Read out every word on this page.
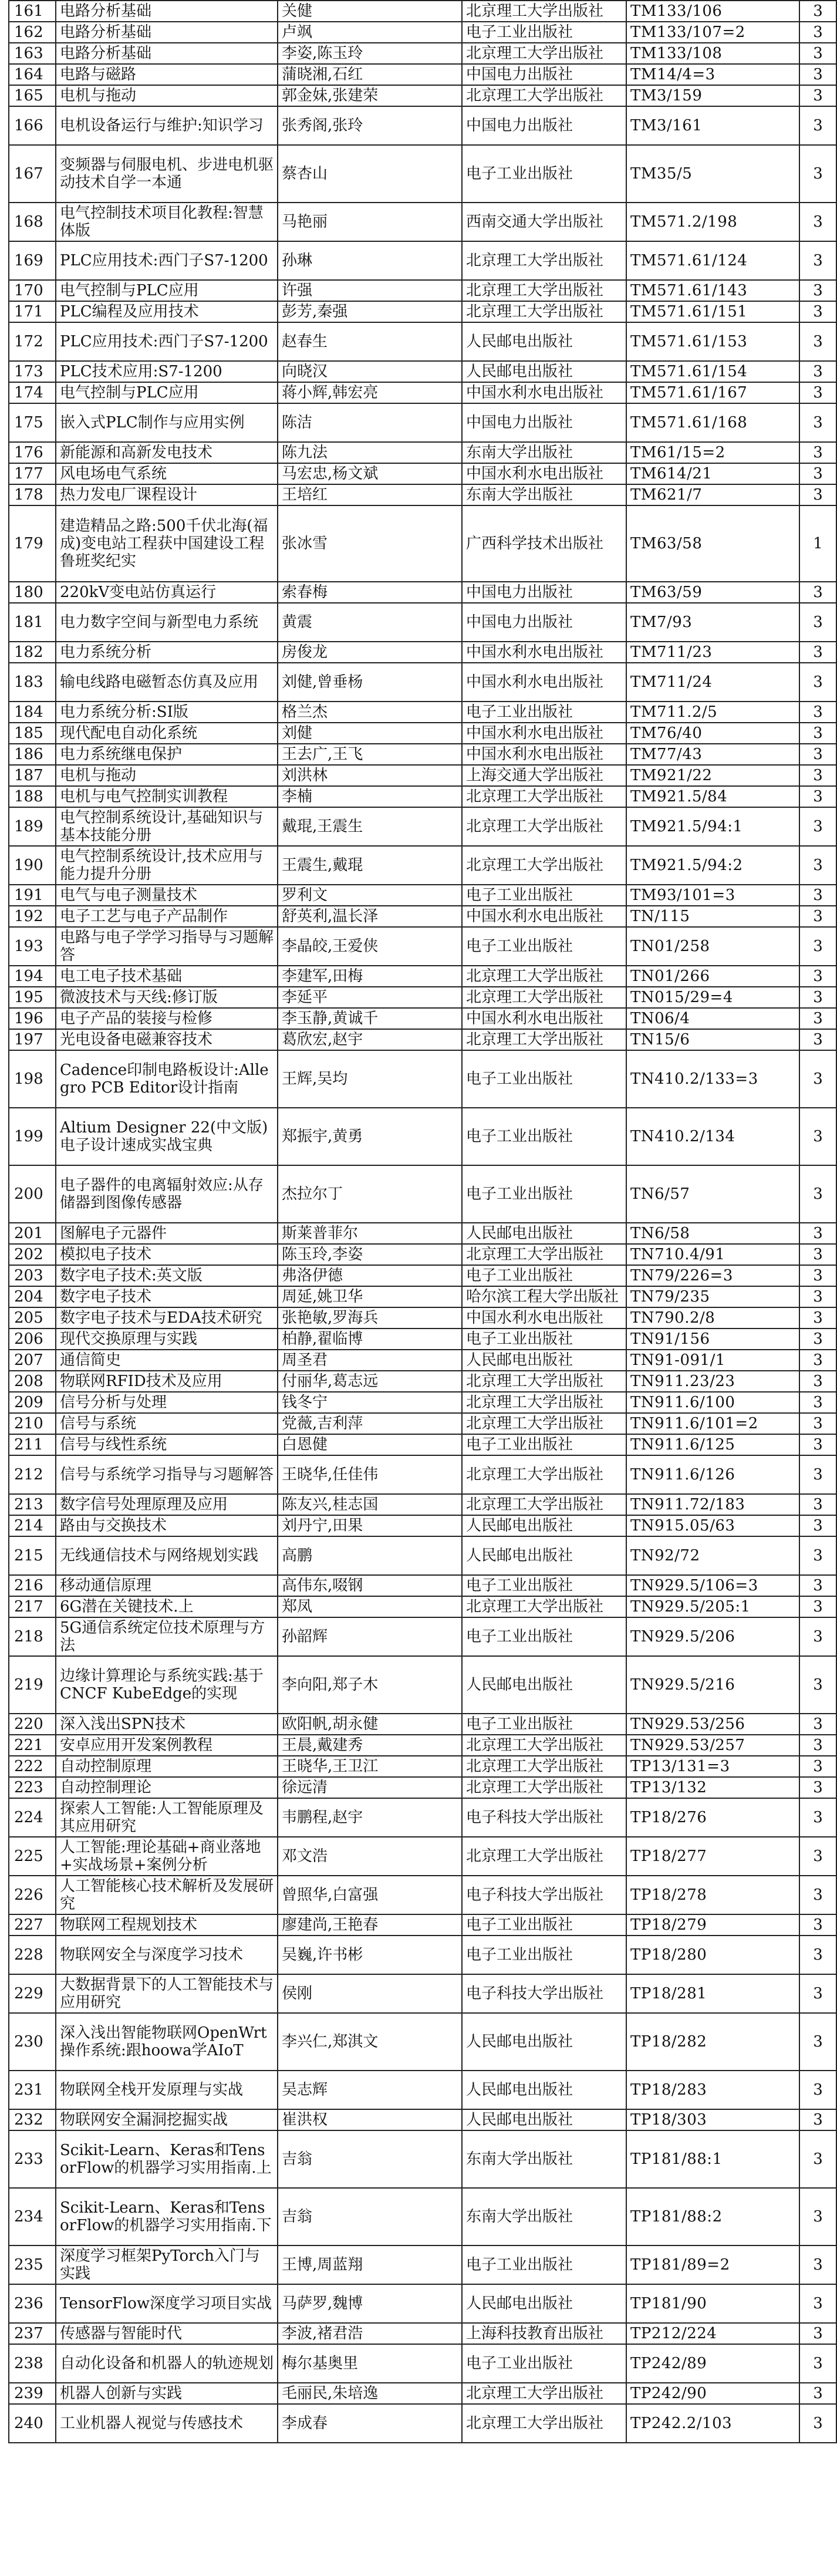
161	电路分析基础	关健	北京理工大学出版社	TM133/106	3
162	电路分析基础	卢飒	电子工业出版社	TM133/107=2	3
163	电路分析基础	李姿,陈玉玲	北京理工大学出版社	TM133/108	3
164	电路与磁路	蒲晓湘,石红	中国电力出版社	TM14/4=3	3
165	电机与拖动	郭金妹,张建荣	北京理工大学出版社	TM3/159	3
166	电机设备运行与维护:知识学习	张秀阁,张玲	中国电力出版社	TM3/161	3
167	变频器与伺服电机、步进电机驱动技术自学一本通	蔡杏山	电子工业出版社	TM35/5	3
168	电气控制技术项目化教程:智慧体版	马艳丽	西南交通大学出版社	TM571.2/198	3
169	PLC应用技术:西门子S7-1200	孙琳	北京理工大学出版社	TM571.61/124	3
170	电气控制与PLC应用	许强	北京理工大学出版社	TM571.61/143	3
171	PLC编程及应用技术	彭芳,秦强	北京理工大学出版社	TM571.61/151	3
172	PLC应用技术:西门子S7-1200	赵春生	人民邮电出版社	TM571.61/153	3
173	PLC技术应用:S7-1200	向晓汉	人民邮电出版社	TM571.61/154	3
174	电气控制与PLC应用	蒋小辉,韩宏亮	中国水利水电出版社	TM571.61/167	3
175	嵌入式PLC制作与应用实例	陈洁	中国电力出版社	TM571.61/168	3
176	新能源和高新发电技术	陈九法	东南大学出版社	TM61/15=2	3
177	风电场电气系统	马宏忠,杨文斌	中国水利水电出版社	TM614/21	3
178	热力发电厂课程设计	王培红	东南大学出版社	TM621/7	3
179	建造精品之路:500千伏北海(福成)变电站工程获中国建设工程鲁班奖纪实	张冰雪	广西科学技术出版社	TM63/58	1
180	220kV变电站仿真运行	索春梅	中国电力出版社	TM63/59	3
181	电力数字空间与新型电力系统	黄震	中国电力出版社	TM7/93	3
182	电力系统分析	房俊龙	中国水利水电出版社	TM711/23	3
183	输电线路电磁暂态仿真及应用	刘健,曾垂杨	中国水利水电出版社	TM711/24	3
184	电力系统分析:SI版	格兰杰	电子工业出版社	TM711.2/5	3
185	现代配电自动化系统	刘健	中国水利水电出版社	TM76/40	3
186	电力系统继电保护	王去广,王飞	中国水利水电出版社	TM77/43	3
187	电机与拖动	刘洪林	上海交通大学出版社	TM921/22	3
188	电机与电气控制实训教程	李楠	北京理工大学出版社	TM921.5/84	3
189	电气控制系统设计,基础知识与基本技能分册	戴琨,王震生	北京理工大学出版社	TM921.5/94:1	3
190	电气控制系统设计,技术应用与能力提升分册	王震生,戴琨	北京理工大学出版社	TM921.5/94:2	3
191	电气与电子测量技术	罗利文	电子工业出版社	TM93/101=3	3
192	电子工艺与电子产品制作	舒英利,温长泽	中国水利水电出版社	TN/115	3
193	电路与电子学学习指导与习题解答	李晶皎,王爱侠	电子工业出版社	TN01/258	3
194	电工电子技术基础	李建军,田梅	北京理工大学出版社	TN01/266	3
195	微波技术与天线:修订版	李延平	北京理工大学出版社	TN015/29=4	3
196	电子产品的装接与检修	李玉静,黄诚千	中国水利水电出版社	TN06/4	3
197	光电设备电磁兼容技术	葛欣宏,赵宇	北京理工大学出版社	TN15/6	3
198	Cadence印制电路板设计:Allegro PCB Editor设计指南	王辉,吴均	电子工业出版社	TN410.2/133=3	3
199	Altium Designer 22(中文版)电子设计速成实战宝典	郑振宇,黄勇	电子工业出版社	TN410.2/134	3
200	电子器件的电离辐射效应:从存储器到图像传感器	杰拉尔丁	电子工业出版社	TN6/57	3
201	图解电子元器件	斯莱普菲尔	人民邮电出版社	TN6/58	3
202	模拟电子技术	陈玉玲,李姿	北京理工大学出版社	TN710.4/91	3
203	数字电子技术:英文版	弗洛伊德	电子工业出版社	TN79/226=3	3
204	数字电子技术	周延,姚卫华	哈尔滨工程大学出版社	TN79/235	3
205	数字电子技术与EDA技术研究	张艳敏,罗海兵	中国水利水电出版社	TN790.2/8	3
206	现代交换原理与实践	柏静,翟临博	电子工业出版社	TN91/156	3
207	通信简史	周圣君	人民邮电出版社	TN91-091/1	3
208	物联网RFID技术及应用	付丽华,葛志远	北京理工大学出版社	TN911.23/23	3
209	信号分析与处理	钱冬宁	北京理工大学出版社	TN911.6/100	3
210	信号与系统	党薇,吉利萍	北京理工大学出版社	TN911.6/101=2	3
211	信号与线性系统	白恩健	电子工业出版社	TN911.6/125	3
212	信号与系统学习指导与习题解答	王晓华,任佳伟	北京理工大学出版社	TN911.6/126	3
213	数字信号处理原理及应用	陈友兴,桂志国	北京理工大学出版社	TN911.72/183	3
214	路由与交换技术	刘丹宁,田果	人民邮电出版社	TN915.05/63	3
215	无线通信技术与网络规划实践	高鹏	人民邮电出版社	TN92/72	3
216	移动通信原理	高伟东,啜钢	电子工业出版社	TN929.5/106=3	3
217	6G潜在关键技术.上	郑凤	北京理工大学出版社	TN929.5/205:1	3
218	5G通信系统定位技术原理与方法	孙韶辉	电子工业出版社	TN929.5/206	3
219	边缘计算理论与系统实践:基于CNCF KubeEdge的实现	李向阳,郑子木	人民邮电出版社	TN929.5/216	3
220	深入浅出SPN技术	欧阳帆,胡永健	电子工业出版社	TN929.53/256	3
221	安卓应用开发案例教程	王晨,戴建秀	北京理工大学出版社	TN929.53/257	3
222	自动控制原理	王晓华,王卫江	北京理工大学出版社	TP13/131=3	3
223	自动控制理论	徐远清	北京理工大学出版社	TP13/132	3
224	探索人工智能:人工智能原理及其应用研究	韦鹏程,赵宇	电子科技大学出版社	TP18/276	3
225	人工智能:理论基础+商业落地+实战场景+案例分析	邓文浩	北京理工大学出版社	TP18/277	3
226	人工智能核心技术解析及发展研究	曾照华,白富强	电子科技大学出版社	TP18/278	3
227	物联网工程规划技术	廖建尚,王艳春	电子工业出版社	TP18/279	3
228	物联网安全与深度学习技术	吴巍,许书彬	电子工业出版社	TP18/280	3
229	大数据背景下的人工智能技术与应用研究	侯刚	电子科技大学出版社	TP18/281	3
230	深入浅出智能物联网OpenWrt操作系统:跟hoowa学AIoT	李兴仁,郑淇文	人民邮电出版社	TP18/282	3
231	物联网全栈开发原理与实战	吴志辉	人民邮电出版社	TP18/283	3
232	物联网安全漏洞挖掘实战	崔洪权	人民邮电出版社	TP18/303	3
233	Scikit-Learn、Keras和TensorFlow的机器学习实用指南.上	吉翁	东南大学出版社	TP181/88:1	3
234	Scikit-Learn、Keras和TensorFlow的机器学习实用指南.下	吉翁	东南大学出版社	TP181/88:2	3
235	深度学习框架PyTorch入门与实践	王博,周蓝翔	电子工业出版社	TP181/89=2	3
236	TensorFlow深度学习项目实战	马萨罗,魏博	人民邮电出版社	TP181/90	3
237	传感器与智能时代	李波,褚君浩	上海科技教育出版社	TP212/224	3
238	自动化设备和机器人的轨迹规划	梅尔基奥里	电子工业出版社	TP242/89	3
239	机器人创新与实践	毛丽民,朱培逸	北京理工大学出版社	TP242/90	3
240	工业机器人视觉与传感技术	李成春	北京理工大学出版社	TP242.2/103	3
